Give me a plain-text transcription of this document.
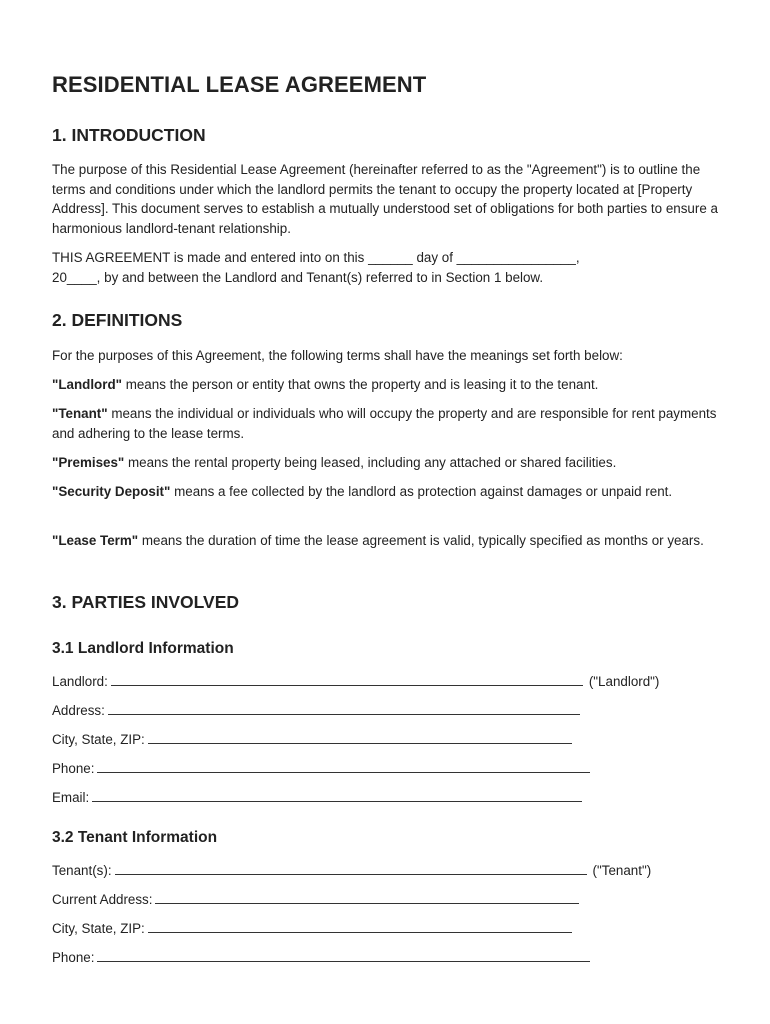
RESIDENTIAL LEASE AGREEMENT
1. INTRODUCTION

The purpose of this Residential Lease Agreement (hereinafter referred to as the "Agreement") is to outline the terms and conditions under which the landlord permits the tenant to occupy the property located at [Property Address]. This document serves to establish a mutually understood set of obligations for both parties to ensure a harmonious landlord-tenant relationship.

THIS AGREEMENT is made and entered into on this ______ day of ________________,

20____, by and between the Landlord and Tenant(s) referred to in Section 1 below.

2. DEFINITIONS

For the purposes of this Agreement, the following terms shall have the meanings set forth below:

"Landlord" means the person or entity that owns the property and is leasing it to the tenant.

"Tenant" means the individual or individuals who will occupy the property and are responsible for rent payments and adhering to the lease terms.

"Premises" means the rental property being leased, including any attached or shared facilities.

"Security Deposit" means a fee collected by the landlord as protection against damages or unpaid rent.

"Lease Term" means the duration of time the lease agreement is valid, typically specified as months or years.

3. PARTIES INVOLVED
3.1 Landlord Information
Landlord:	("Landlord")
Address:
City, State, ZIP:
Phone:
Email:
3.2 Tenant Information
Tenant(s):	("Tenant")
Current Address:
City, State, ZIP:
Phone:
